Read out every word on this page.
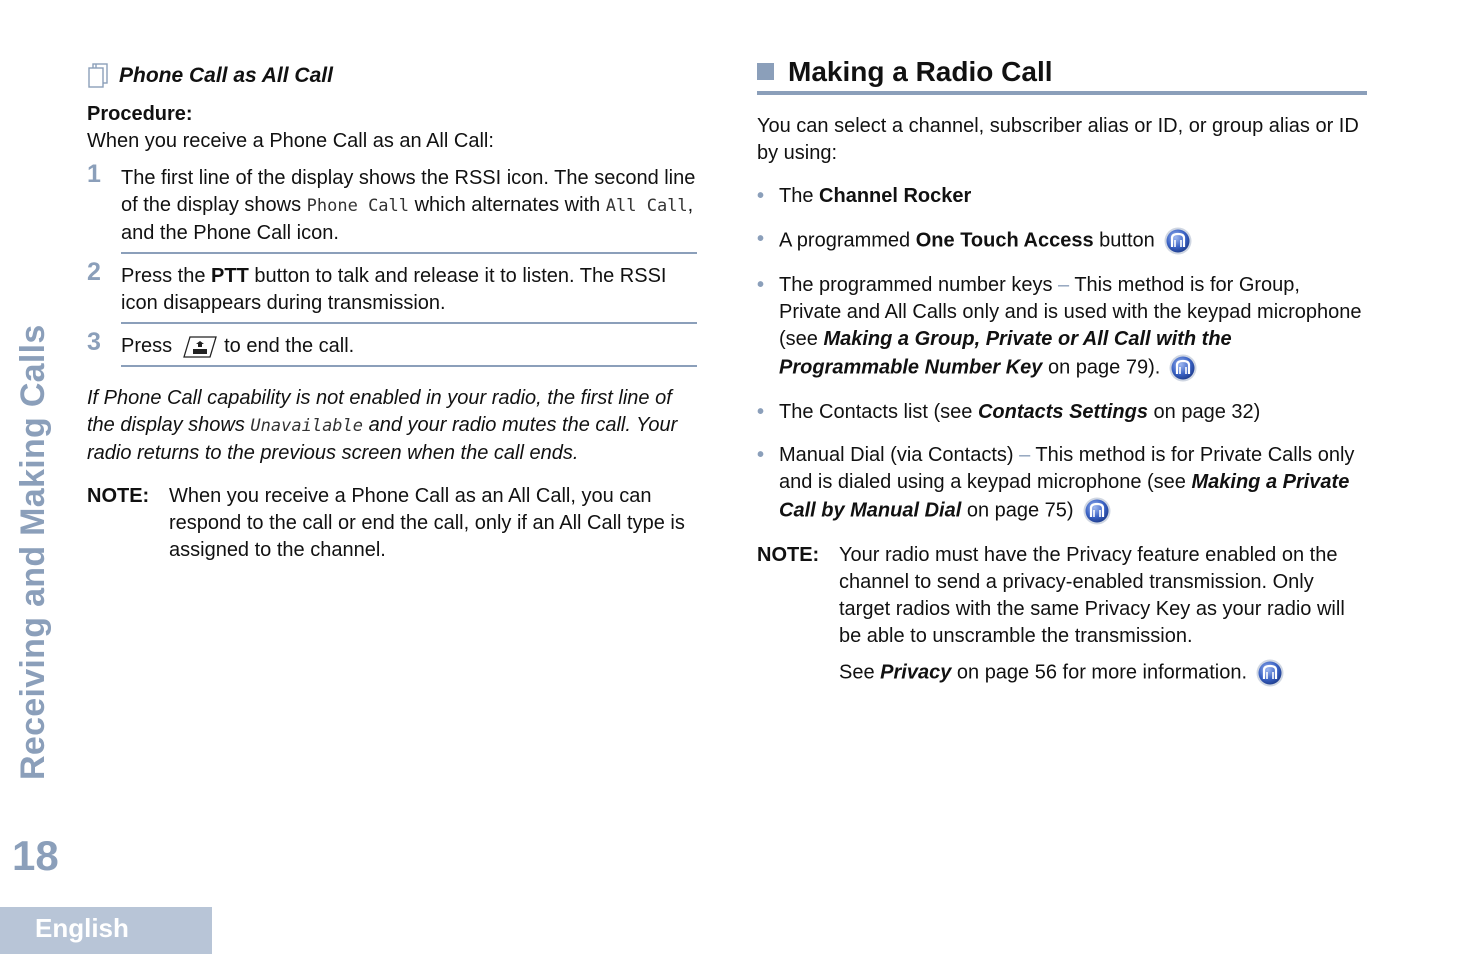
Receiving and Making Calls
18
English
Phone Call as All Call
Procedure:
When you receive a Phone Call as an All Call:
1 The first line of the display shows the RSSI icon. The second line of the display shows Phone Call which alternates with All Call, and the Phone Call icon.
2 Press the PTT button to talk and release it to listen. The RSSI icon disappears during transmission.
3 Press	to end the call.
If Phone Call capability is not enabled in your radio, the first line of the display shows Unavailable and your radio mutes the call. Your radio returns to the previous screen when the call ends.
NOTE: When you receive a Phone Call as an All Call, you can respond to the call or end the call, only if an All Call type is assigned to the channel.
Making a Radio Call
You can select a channel, subscriber alias or ID, or group alias or ID by using:
• The Channel Rocker
• A programmed One Touch Access button
• The programmed number keys – This method is for Group, Private and All Calls only and is used with the keypad microphone (see Making a Group, Private or All Call with the Programmable Number Key on page 79).
• The Contacts list (see Contacts Settings on page 32)
• Manual Dial (via Contacts) – This method is for Private Calls only and is dialed using a keypad microphone (see Making a Private Call by Manual Dial on page 75)
NOTE: Your radio must have the Privacy feature enabled on the channel to send a privacy-enabled transmission. Only target radios with the same Privacy Key as your radio will be able to unscramble the transmission.
See Privacy on page 56 for more information.
